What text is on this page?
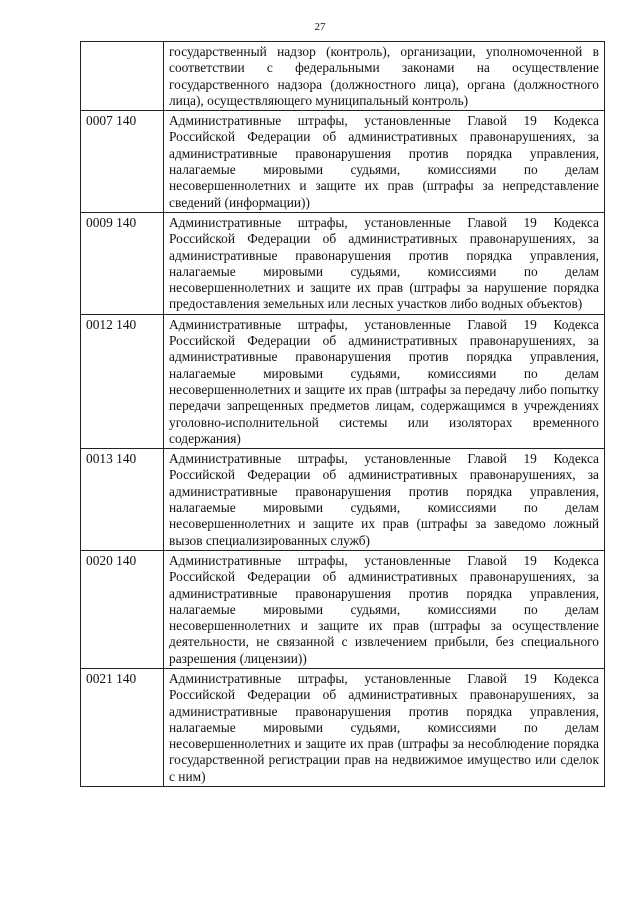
27
	государственный надзор (контроль), организации, уполномоченной в соответствии с федеральными законами на осуществление государственного надзора (должностного лица), органа (должностного лица), осуществляющего муниципальный контроль)
0007 140	Административные штрафы, установленные Главой 19 Кодекса Российской Федерации об административных правонарушениях, за административные правонарушения против порядка управления, налагаемые мировыми судьями, комиссиями по делам несовершеннолетних и защите их прав (штрафы за непредставление сведений (информации))
0009 140	Административные штрафы, установленные Главой 19 Кодекса Российской Федерации об административных правонарушениях, за административные правонарушения против порядка управления, налагаемые мировыми судьями, комиссиями по делам несовершеннолетних и защите их прав (штрафы за нарушение порядка предоставления земельных или лесных участков либо водных объектов)
0012 140	Административные штрафы, установленные Главой 19 Кодекса Российской Федерации об административных правонарушениях, за административные правонарушения против порядка управления, налагаемые мировыми судьями, комиссиями по делам несовершеннолетних и защите их прав (штрафы за передачу либо попытку передачи запрещенных предметов лицам, содержащимся в учреждениях уголовно-исполнительной системы или изоляторах временного содержания)
0013 140	Административные штрафы, установленные Главой 19 Кодекса Российской Федерации об административных правонарушениях, за административные правонарушения против порядка управления, налагаемые мировыми судьями, комиссиями по делам несовершеннолетних и защите их прав (штрафы за заведомо ложный вызов специализированных служб)
0020 140	Административные штрафы, установленные Главой 19 Кодекса Российской Федерации об административных правонарушениях, за административные правонарушения против порядка управления, налагаемые мировыми судьями, комиссиями по делам несовершеннолетних и защите их прав (штрафы за осуществление деятельности, не связанной с извлечением прибыли, без специального разрешения (лицензии))
0021 140	Административные штрафы, установленные Главой 19 Кодекса Российской Федерации об административных правонарушениях, за административные правонарушения против порядка управления, налагаемые мировыми судьями, комиссиями по делам несовершеннолетних и защите их прав (штрафы за несоблюдение порядка государственной регистрации прав на недвижимое имущество или сделок с ним)
